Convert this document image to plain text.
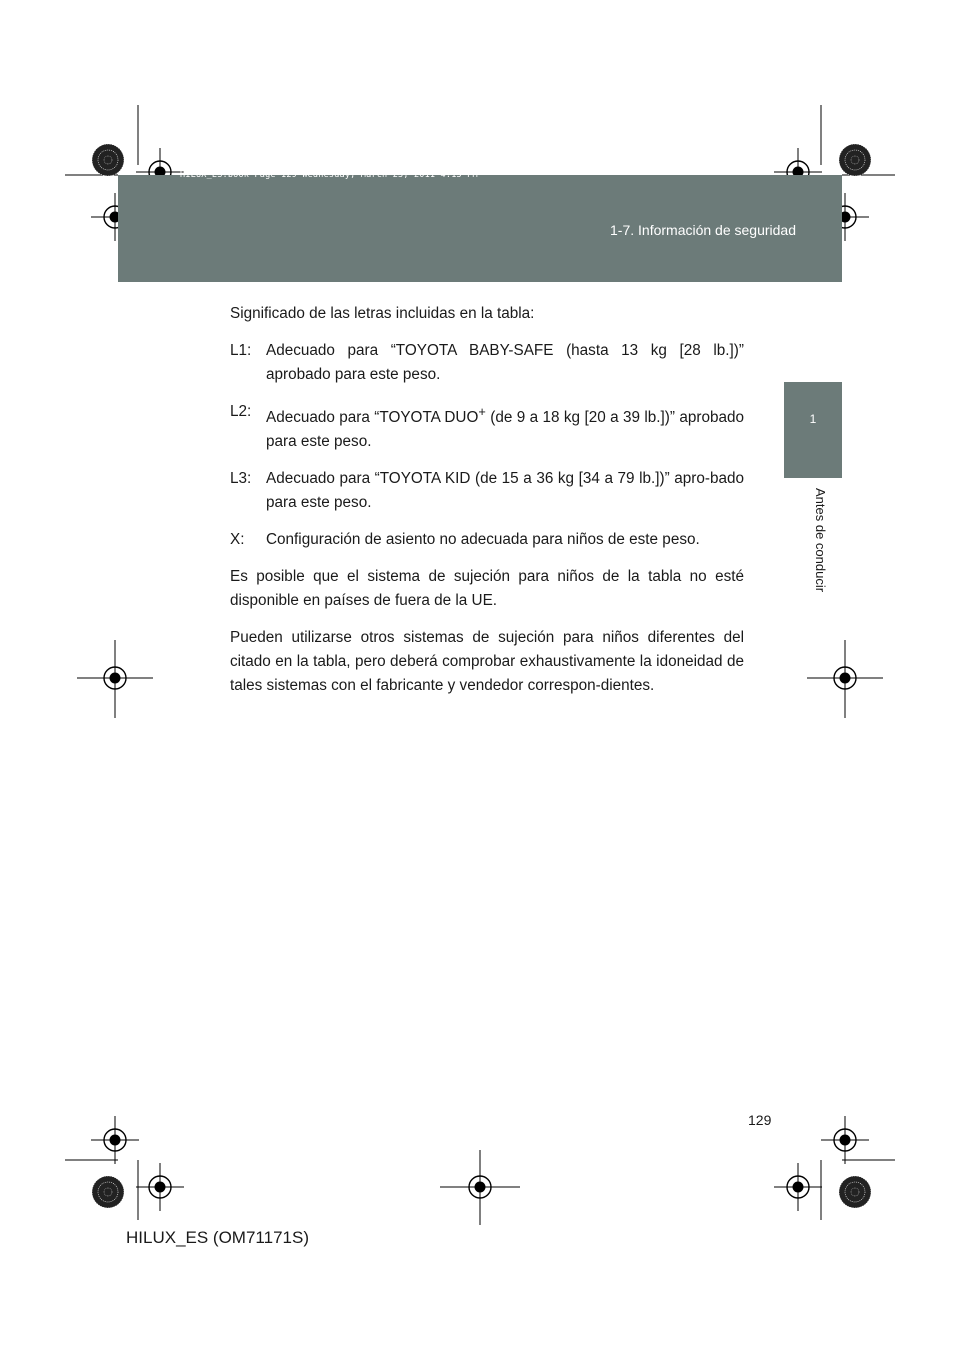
1-7. Información de seguridad
HILUX_ES.book Page 129 Wednesday, March 23, 2011 4:15 PM
1
Antes de conducir

Significado de las letras incluidas en la tabla:

L1: Adecuado para “TOYOTA BABY-SAFE (hasta 13 kg [28 lb.])” aprobado para este peso.
L2: Adecuado para “TOYOTA DUO+ (de 9 a 18 kg [20 a 39 lb.])” aprobado para este peso.
L3: Adecuado para “TOYOTA KID (de 15 a 36 kg [34 a 79 lb.])” apro-bado para este peso.
X:	Configuración de asiento no adecuada para niños de este peso.

Es posible que el sistema de sujeción para niños de la tabla no esté disponible en países de fuera de la UE.

Pueden utilizarse otros sistemas de sujeción para niños diferentes del citado en la tabla, pero deberá comprobar exhaustivamente la idoneidad de tales sistemas con el fabricante y vendedor correspon-dientes.

129
HILUX_ES (OM71171S)
